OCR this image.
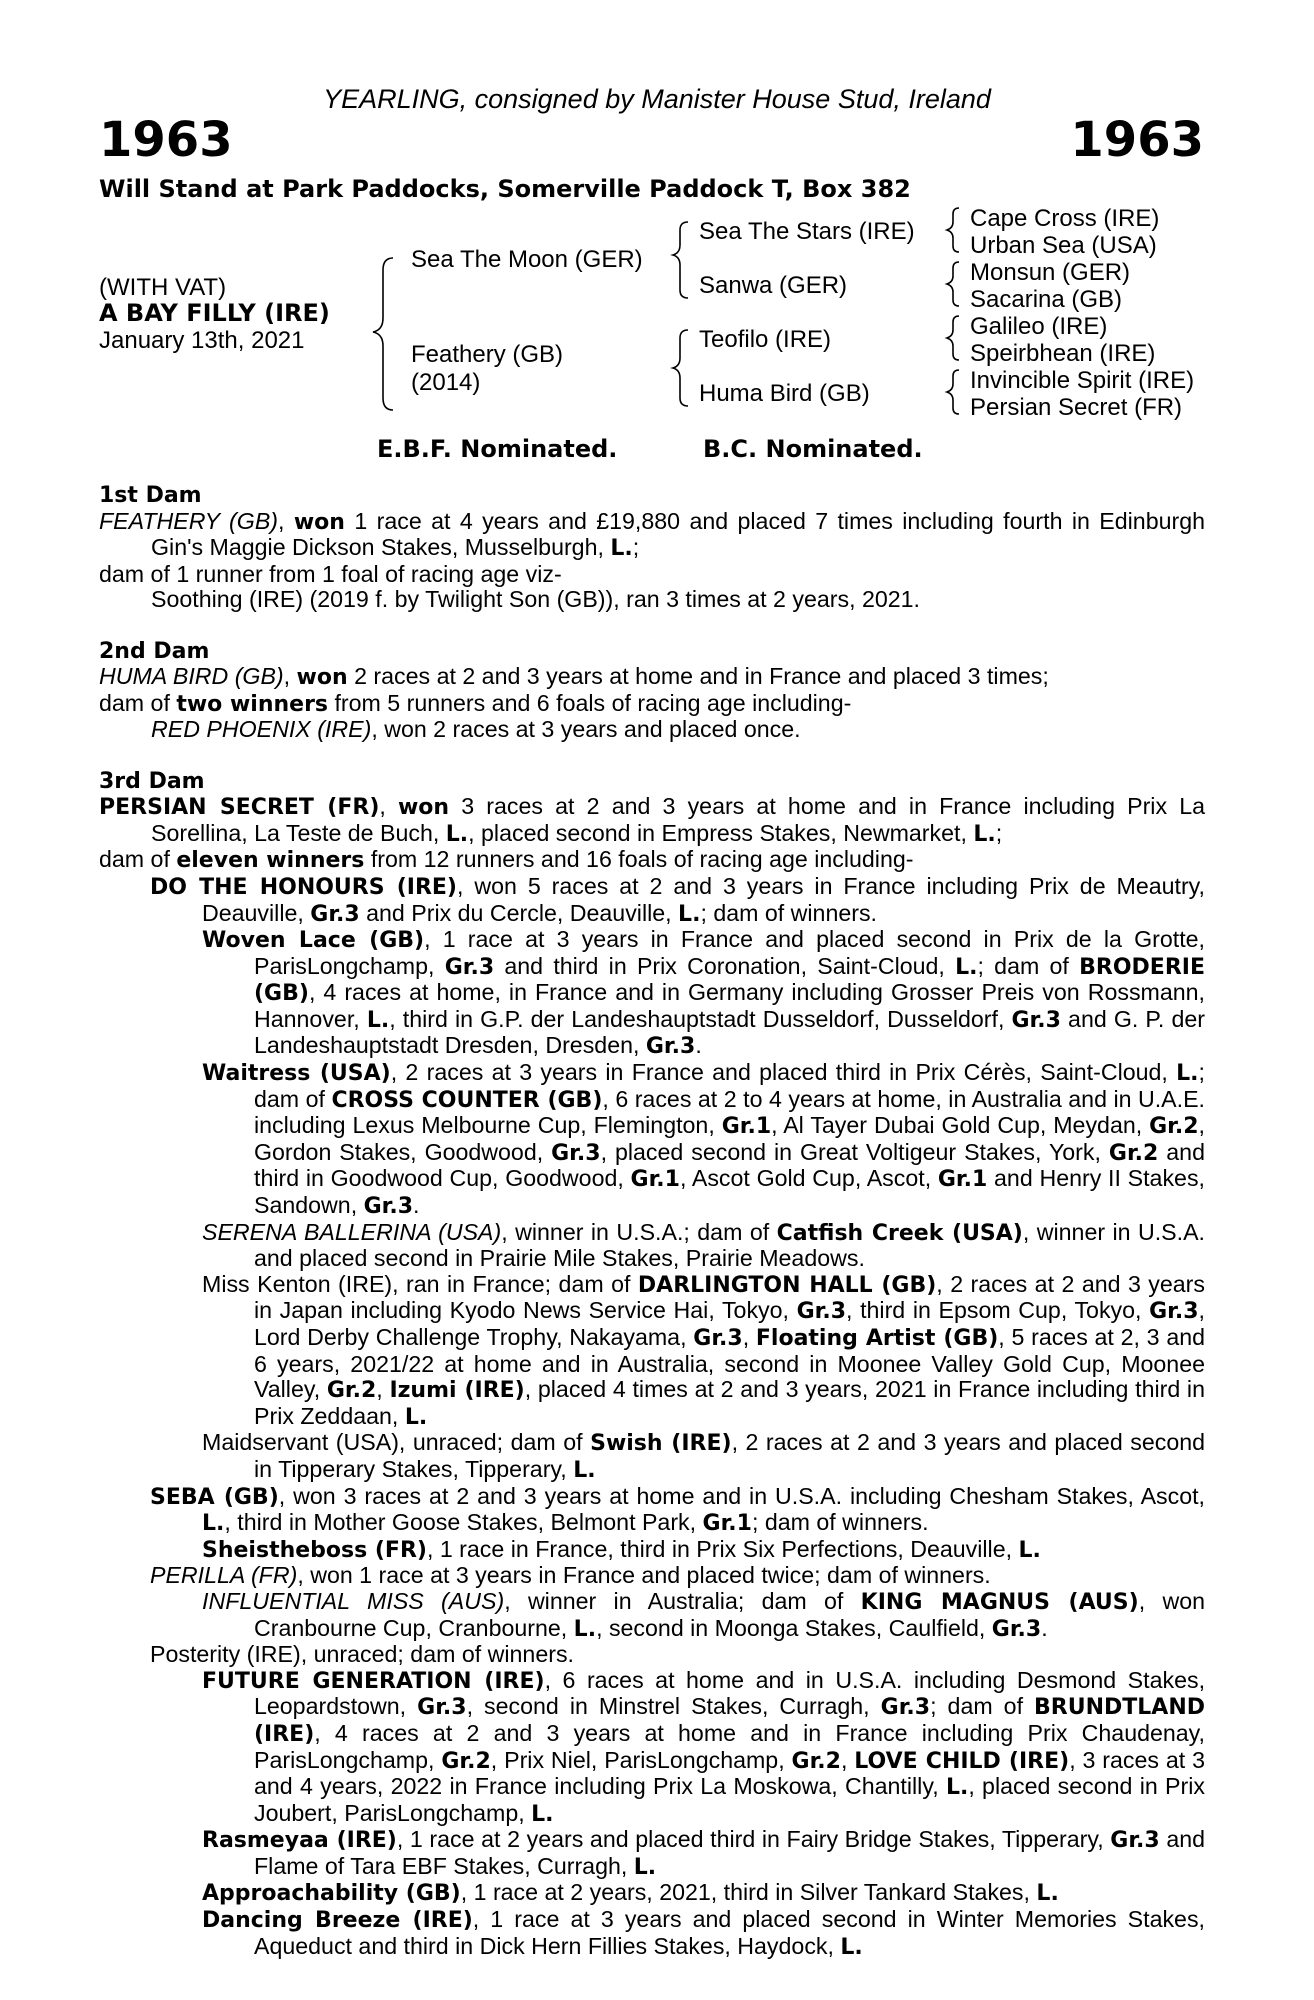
YEARLING, consigned by Manister House Stud, Ireland
1963	1963
Will Stand at Park Paddocks, Somerville Paddock T, Box 382
(WITH VAT)
A BAY FILLY (IRE)
January 13th, 2021
Sea The Moon (GER)
Feathery (GB)
(2014)
Sea The Stars (IRE)
Sanwa (GER)
Teofilo (IRE)
Huma Bird (GB)
Cape Cross (IRE)
Urban Sea (USA)
Monsun (GER)
Sacarina (GB)
Galileo (IRE)
Speirbhean (IRE)
Invincible Spirit (IRE)
Persian Secret (FR)
E.B.F. Nominated.	B.C. Nominated.

1st Dam

FEATHERY (GB), won 1 race at 4 years and £19,880 and placed 7 times including fourth in Edinburgh Gin's Maggie Dickson Stakes, Musselburgh, L.;

dam of 1 runner from 1 foal of racing age viz-

Soothing (IRE) (2019 f. by Twilight Son (GB)), ran 3 times at 2 years, 2021.

2nd Dam

HUMA BIRD (GB), won 2 races at 2 and 3 years at home and in France and placed 3 times;

dam of two winners from 5 runners and 6 foals of racing age including-

RED PHOENIX (IRE), won 2 races at 3 years and placed once.

3rd Dam

PERSIAN SECRET (FR), won 3 races at 2 and 3 years at home and in France including Prix La Sorellina, La Teste de Buch, L., placed second in Empress Stakes, Newmarket, L.;

dam of eleven winners from 12 runners and 16 foals of racing age including-

DO THE HONOURS (IRE), won 5 races at 2 and 3 years in France including Prix de Meautry, Deauville, Gr.3 and Prix du Cercle, Deauville, L.; dam of winners.

Woven Lace (GB), 1 race at 3 years in France and placed second in Prix de la Grotte, ParisLongchamp, Gr.3 and third in Prix Coronation, Saint-Cloud, L.; dam of BRODERIE (GB), 4 races at home, in France and in Germany including Grosser Preis von Rossmann, Hannover, L., third in G.P. der Landeshauptstadt Dusseldorf, Dusseldorf, Gr.3 and G. P. der Landeshauptstadt Dresden, Dresden, Gr.3.

Waitress (USA), 2 races at 3 years in France and placed third in Prix Cérès, Saint-Cloud, L.; dam of CROSS COUNTER (GB), 6 races at 2 to 4 years at home, in Australia and in U.A.E. including Lexus Melbourne Cup, Flemington, Gr.1, Al Tayer Dubai Gold Cup, Meydan, Gr.2, Gordon Stakes, Goodwood, Gr.3, placed second in Great Voltigeur Stakes, York, Gr.2 and third in Goodwood Cup, Goodwood, Gr.1, Ascot Gold Cup, Ascot, Gr.1 and Henry II Stakes, Sandown, Gr.3.

SERENA BALLERINA (USA), winner in U.S.A.; dam of Catfish Creek (USA), winner in U.S.A. and placed second in Prairie Mile Stakes, Prairie Meadows.

Miss Kenton (IRE), ran in France; dam of DARLINGTON HALL (GB), 2 races at 2 and 3 years in Japan including Kyodo News Service Hai, Tokyo, Gr.3, third in Epsom Cup, Tokyo, Gr.3, Lord Derby Challenge Trophy, Nakayama, Gr.3, Floating Artist (GB), 5 races at 2, 3 and 6 years, 2021/22 at home and in Australia, second in Moonee Valley Gold Cup, Moonee Valley, Gr.2, Izumi (IRE), placed 4 times at 2 and 3 years, 2021 in France including third in Prix Zeddaan, L.

Maidservant (USA), unraced; dam of Swish (IRE), 2 races at 2 and 3 years and placed second in Tipperary Stakes, Tipperary, L.

SEBA (GB), won 3 races at 2 and 3 years at home and in U.S.A. including Chesham Stakes, Ascot, L., third in Mother Goose Stakes, Belmont Park, Gr.1; dam of winners.

Sheistheboss (FR), 1 race in France, third in Prix Six Perfections, Deauville, L.

PERILLA (FR), won 1 race at 3 years in France and placed twice; dam of winners.

INFLUENTIAL MISS (AUS), winner in Australia; dam of KING MAGNUS (AUS), won Cranbourne Cup, Cranbourne, L., second in Moonga Stakes, Caulfield, Gr.3.

Posterity (IRE), unraced; dam of winners.

FUTURE GENERATION (IRE), 6 races at home and in U.S.A. including Desmond Stakes, Leopardstown, Gr.3, second in Minstrel Stakes, Curragh, Gr.3; dam of BRUNDTLAND (IRE), 4 races at 2 and 3 years at home and in France including Prix Chaudenay, ParisLongchamp, Gr.2, Prix Niel, ParisLongchamp, Gr.2, LOVE CHILD (IRE), 3 races at 3 and 4 years, 2022 in France including Prix La Moskowa, Chantilly, L., placed second in Prix Joubert, ParisLongchamp, L.

Rasmeyaa (IRE), 1 race at 2 years and placed third in Fairy Bridge Stakes, Tipperary, Gr.3 and Flame of Tara EBF Stakes, Curragh, L.

Approachability (GB), 1 race at 2 years, 2021, third in Silver Tankard Stakes, L.

Dancing Breeze (IRE), 1 race at 3 years and placed second in Winter Memories Stakes, Aqueduct and third in Dick Hern Fillies Stakes, Haydock, L.
